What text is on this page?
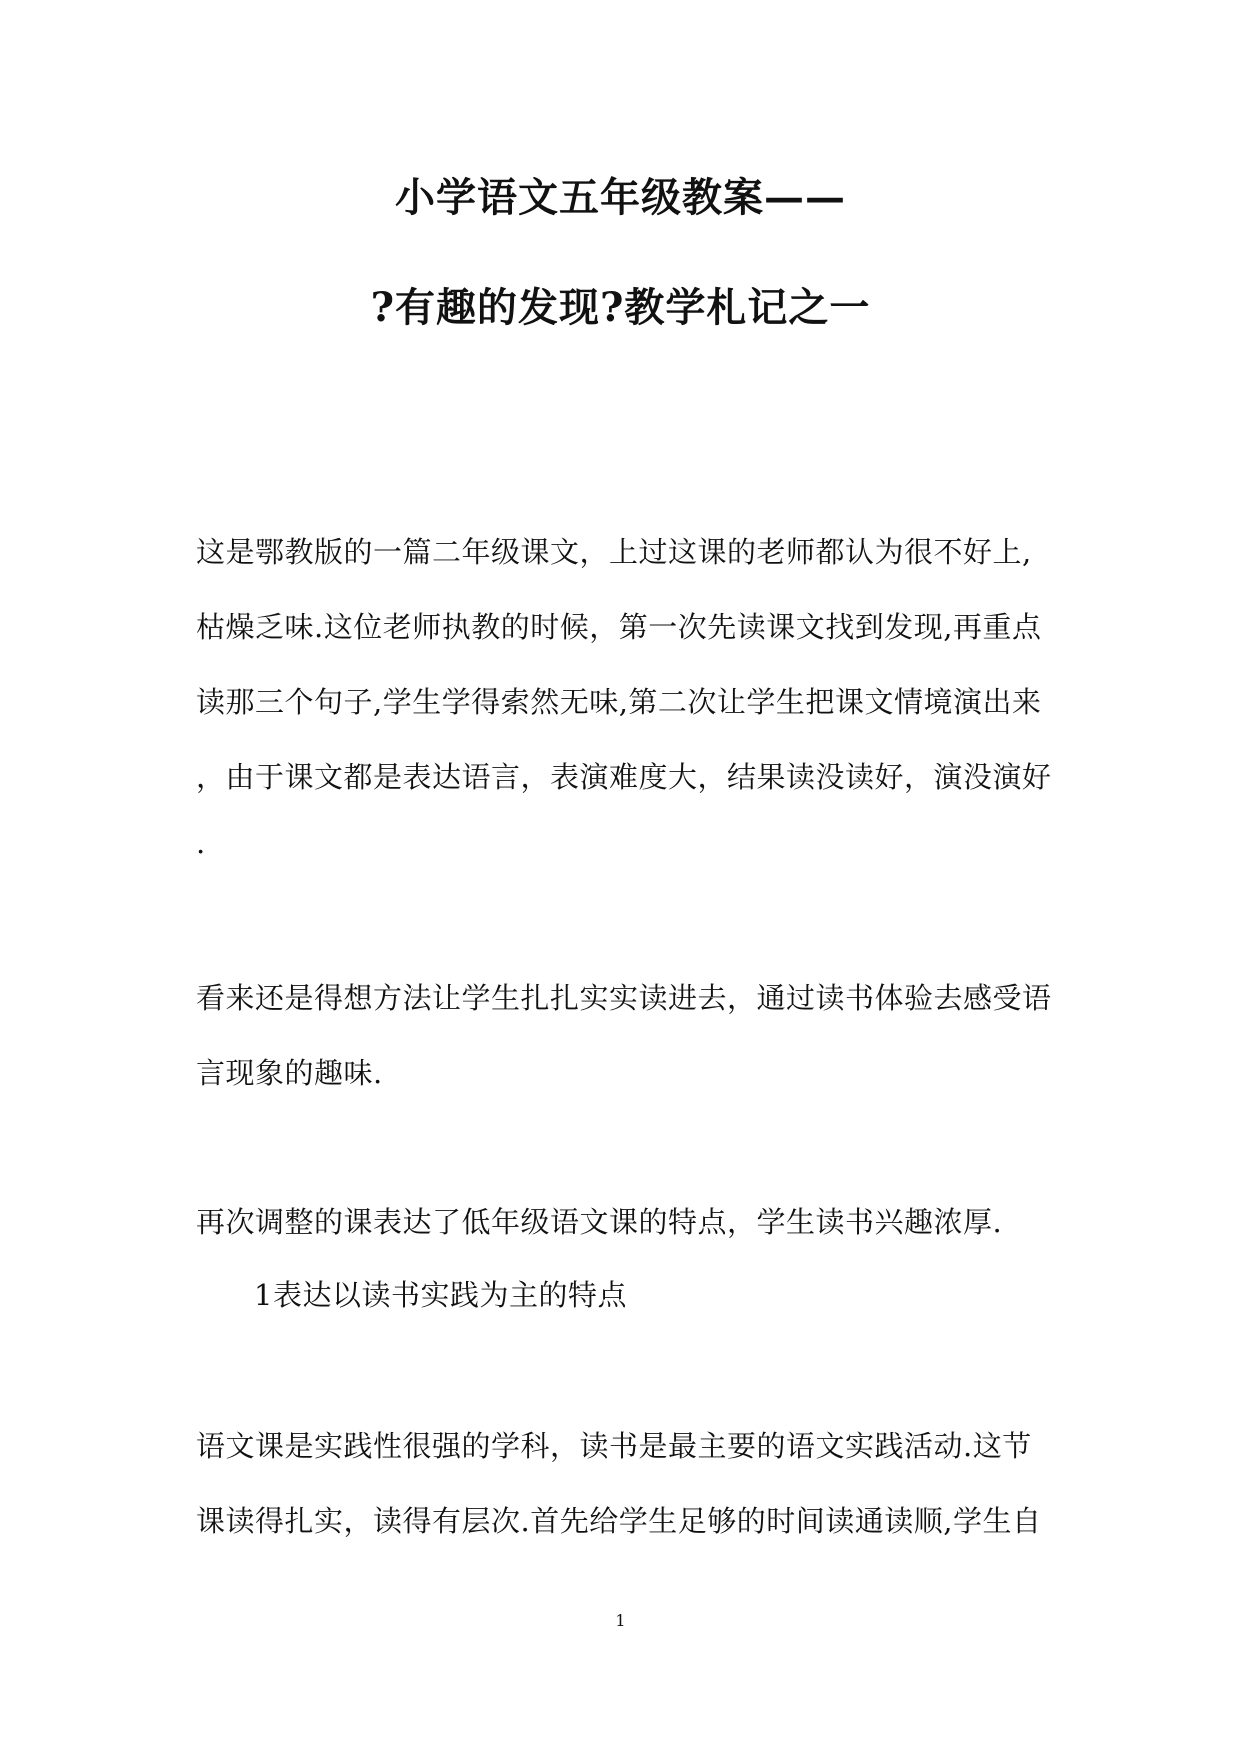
小学语文五年级教案——
?有趣的发现?教学札记之一
这是鄂教版的一篇二年级课文，上过这课的老师都认为很不好上,
枯燥乏味.这位老师执教的时候，第一次先读课文找到发现,再重点
读那三个句子,学生学得索然无味,第二次让学生把课文情境演出来
，由于课文都是表达语言，表演难度大，结果读没读好，演没演好
.
看来还是得想方法让学生扎扎实实读进去，通过读书体验去感受语
言现象的趣味.
再次调整的课表达了低年级语文课的特点，学生读书兴趣浓厚.
1表达以读书实践为主的特点
语文课是实践性很强的学科，读书是最主要的语文实践活动.这节
课读得扎实，读得有层次.首先给学生足够的时间读通读顺,学生自
1
